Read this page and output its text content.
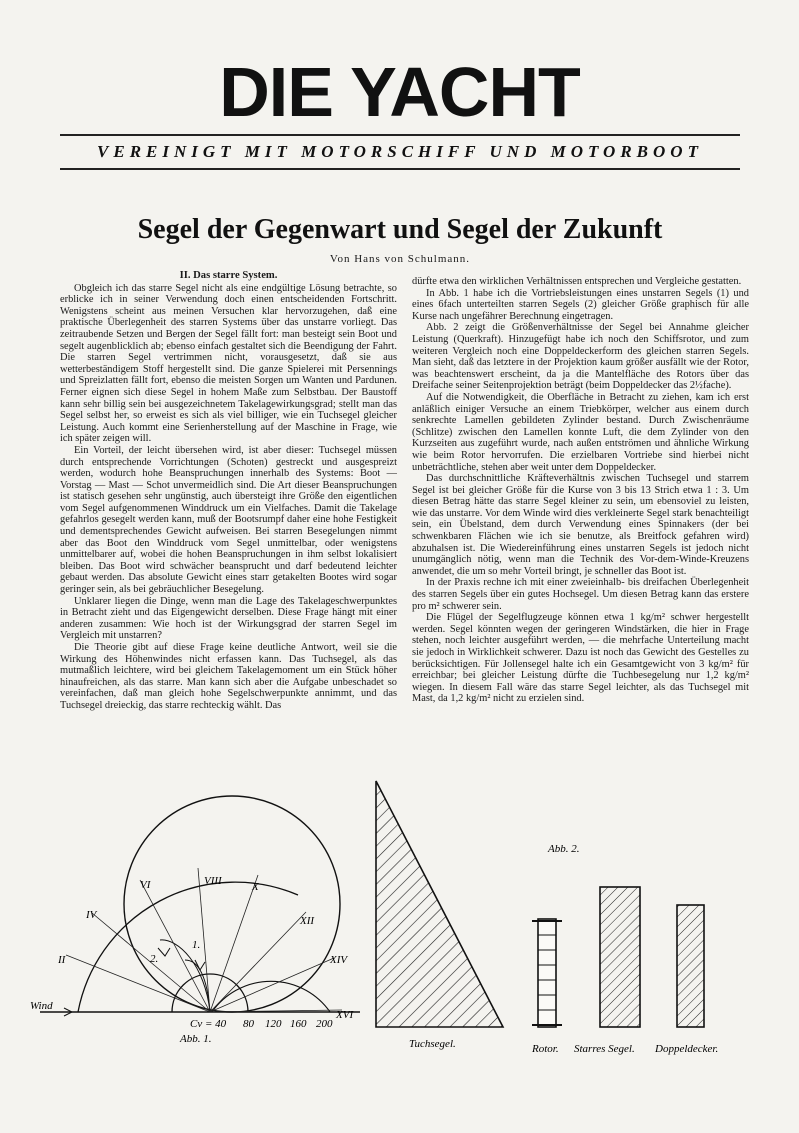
DIE YACHT
VEREINIGT MIT MOTORSCHIFF UND MOTORBOOT
Segel der Gegenwart und Segel der Zukunft
Von Hans von Schulmann.
II. Das starre System.

Obgleich ich das starre Segel nicht als eine endgültige Lösung betrachte, so erblicke ich in seiner Verwendung doch einen entscheidenden Fortschritt. Wenigstens scheint aus meinen Versuchen klar hervorzugehen, daß eine praktische Überlegenheit des starren Systems über das unstarre vorliegt. Das zeitraubende Setzen und Bergen der Segel fällt fort: man besteigt sein Boot und segelt augenblicklich ab; ebenso einfach gestaltet sich die Beendigung der Fahrt. Die starren Segel vertrimmen nicht, vorausgesetzt, daß sie aus wetterbeständigem Stoff hergestellt sind. Die ganze Spielerei mit Persennings und Spreizlatten fällt fort, ebenso die meisten Sorgen um Wanten und Pardunen. Ferner eignen sich diese Segel in hohem Maße zum Selbstbau. Der Baustoff kann sehr billig sein bei ausgezeichnetem Takelagewirkungsgrad; stellt man das Segel selbst her, so erweist es sich als viel billiger, wie ein Tuchsegel gleicher Leistung. Auch kommt eine Serienherstellung auf der Maschine in Frage, wie ich später zeigen will.

Ein Vorteil, der leicht übersehen wird, ist aber dieser: Tuchsegel müssen durch entsprechende Vorrichtungen (Schoten) gestreckt und ausgespreizt werden, wodurch hohe Beanspruchungen innerhalb des Systems: Boot — Vorstag — Mast — Schot unvermeidlich sind. Die Art dieser Beanspruchungen ist statisch gesehen sehr ungünstig, auch übersteigt ihre Größe den eigentlichen vom Segel aufgenommenen Winddruck um ein Vielfaches. Damit die Takelage gefahrlos gesegelt werden kann, muß der Bootsrumpf daher eine hohe Festigkeit und dementsprechendes Gewicht aufweisen. Bei starren Besegelungen nimmt aber das Boot den Winddruck vom Segel unmittelbar, oder wenigstens unmittelbarer auf, wobei die hohen Beanspruchungen in ihm selbst lokalisiert bleiben. Das Boot wird schwächer beansprucht und darf bedeutend leichter gebaut werden. Das absolute Gewicht eines starr getakelten Bootes wird sogar geringer sein, als bei gebräuchlicher Besegelung.

Unklarer liegen die Dinge, wenn man die Lage des Takelageschwerpunktes in Betracht zieht und das Eigengewicht derselben. Diese Frage hängt mit einer anderen zusammen: Wie hoch ist der Wirkungsgrad der starren Segel im Vergleich mit unstarren?

Die Theorie gibt auf diese Frage keine deutliche Antwort, weil sie die Wirkung des Höhenwindes nicht erfassen kann. Das Tuchsegel, als das mutmaßlich leichtere, wird bei gleichem Takelagemoment um ein Stück höher hinaufreichen, als das starre. Man kann sich aber die Aufgabe unbeschadet so vereinfachen, daß man gleich hohe Segelschwerpunkte annimmt, und das Tuchsegel dreieckig, das starre rechteckig wählt. Das

dürfte etwa den wirklichen Verhältnissen entsprechen und Vergleiche gestatten.

In Abb. 1 habe ich die Vortriebsleistungen eines unstarren Segels (1) und eines 6fach unterteilten starren Segels (2) gleicher Größe graphisch für alle Kurse nach ungefährer Berechnung eingetragen.

Abb. 2 zeigt die Größenverhältnisse der Segel bei Annahme gleicher Leistung (Querkraft). Hinzugefügt habe ich noch den Schiffsrotor, und zum weiteren Vergleich noch eine Doppeldeckerform des gleichen starren Segels. Man sieht, daß das letztere in der Projektion kaum größer ausfällt wie der Rotor, was beachtenswert erscheint, da ja die Mantelfläche des Rotors über das Dreifache seiner Seitenprojektion beträgt (beim Doppeldecker das 2½fache).

Auf die Notwendigkeit, die Oberfläche in Betracht zu ziehen, kam ich erst anläßlich einiger Versuche an einem Triebkörper, welcher aus einem durch senkrechte Lamellen gebildeten Zylinder bestand. Durch Zwischenräume (Schlitze) zwischen den Lamellen konnte Luft, die dem Zylinder von den Kurzseiten aus zugeführt wurde, nach außen entströmen und ähnliche Wirkung wie beim Rotor hervorrufen. Die erzielbaren Vortriebe sind hierbei nicht unbeträchtliche, stehen aber weit unter dem Doppeldecker.

Das durchschnittliche Kräfteverhältnis zwischen Tuchsegel und starrem Segel ist bei gleicher Größe für die Kurse von 3 bis 13 Strich etwa 1 : 3. Um diesen Betrag hätte das starre Segel kleiner zu sein, um ebensoviel zu leisten, wie das unstarre. Vor dem Winde wird dies verkleinerte Segel stark benachteiligt sein, ein Übelstand, dem durch Verwendung eines Spinnakers (der bei schwenkbaren Flächen wie ich sie benutze, als Breitfock gefahren wird) abzuhalsen ist. Die Wiedereinführung eines unstarren Segels ist jedoch nicht unumgänglich nötig, wenn man die Technik des Vor-dem-Winde-Kreuzens anwendet, die um so mehr Vorteil bringt, je schneller das Boot ist.

In der Praxis rechne ich mit einer zweieinhalb- bis dreifachen Überlegenheit des starren Segels über ein gutes Hochsegel. Um diesen Betrag kann das erstere pro m² schwerer sein.

Die Flügel der Segelflugzeuge können etwa 1 kg/m² schwer hergestellt werden. Segel könnten wegen der geringeren Windstärken, die hier in Frage stehen, noch leichter ausgeführt werden, — die mehrfache Unterteilung macht sie jedoch in Wirklichkeit schwerer. Dazu ist noch das Gewicht des Gestelles zu berücksichtigen. Für Jollensegel halte ich ein Gesamtgewicht von 3 kg/m² für erreichbar; bei gleicher Leistung dürfte die Tuchbesegelung nur 1,2 kg/m² wiegen. In diesem Fall wäre das starre Segel leichter, als das Tuchsegel mit Mast, da 1,2 kg/m² nicht zu erzielen sind.

1.
2.
II
IV
VI	VIII	X
XII
XIV
XVI
Wind
Cv = 40 80 120 160 200
Abb. 1.	Tuchsegel.
Abb. 2.
Rotor. Starres Segel. Doppeldecker.
